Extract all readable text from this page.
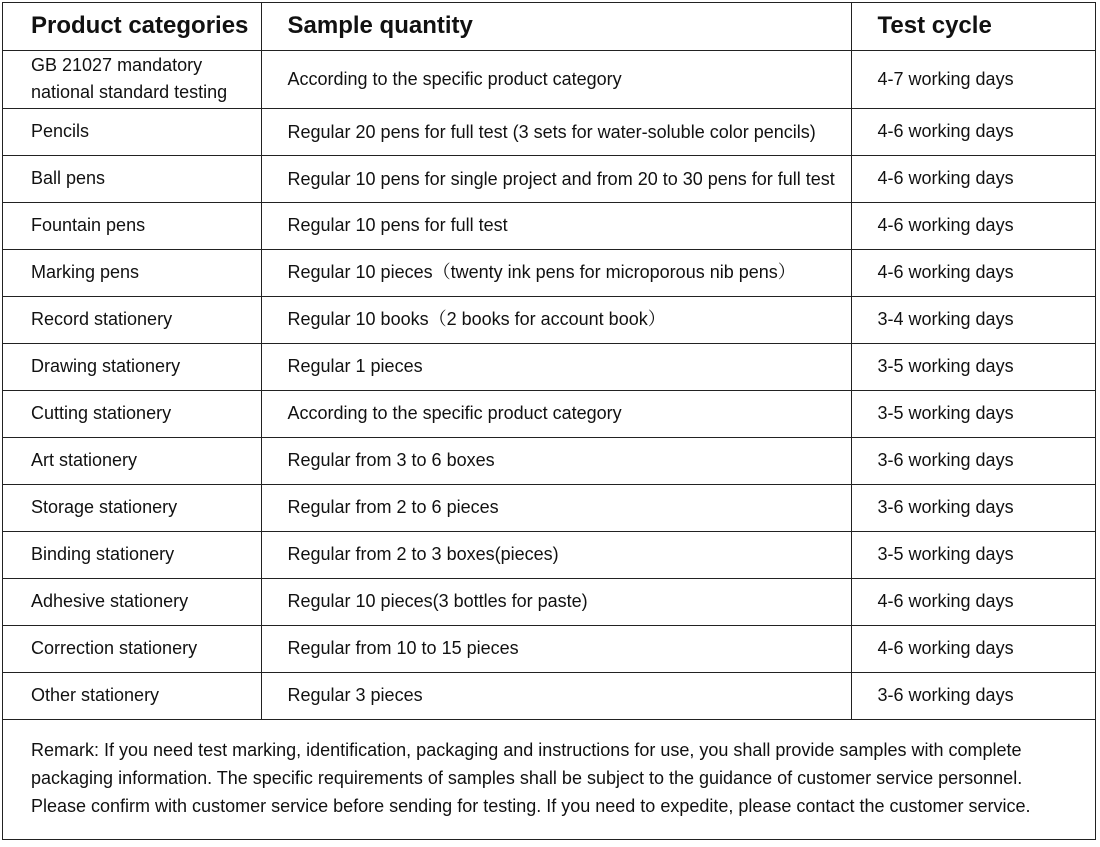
Product categories	Sample quantity	Test cycle
GB 21027 mandatory national standard testing	According to the specific product category	4-7 working days
Pencils	Regular 20 pens for full test (3 sets for water-soluble color pencils)	4-6 working days
Ball pens	Regular 10 pens for single project and from 20 to 30 pens for full test	4-6 working days
Fountain pens	Regular 10 pens for full test	4-6 working days
Marking pens	Regular 10 pieces（twenty ink pens for microporous nib pens）	4-6 working days
Record stationery	Regular 10 books（2 books for account book）	3-4 working days
Drawing stationery	Regular 1 pieces	3-5 working days
Cutting stationery	According to the specific product category	3-5 working days
Art stationery	Regular from 3 to 6 boxes	3-6 working days
Storage stationery	Regular from 2 to 6 pieces	3-6 working days
Binding stationery	Regular from 2 to 3 boxes(pieces)	3-5 working days
Adhesive stationery	Regular 10 pieces(3 bottles for paste)	4-6 working days
Correction stationery	Regular from 10 to 15 pieces	4-6 working days
Other stationery	Regular 3 pieces	3-6 working days
Remark: If you need test marking, identification, packaging and instructions for use, you shall provide samples with complete packaging information. The specific requirements of samples shall be subject to the guidance of customer service personnel. Please confirm with customer service before sending for testing. If you need to expedite, please contact the customer service.		
